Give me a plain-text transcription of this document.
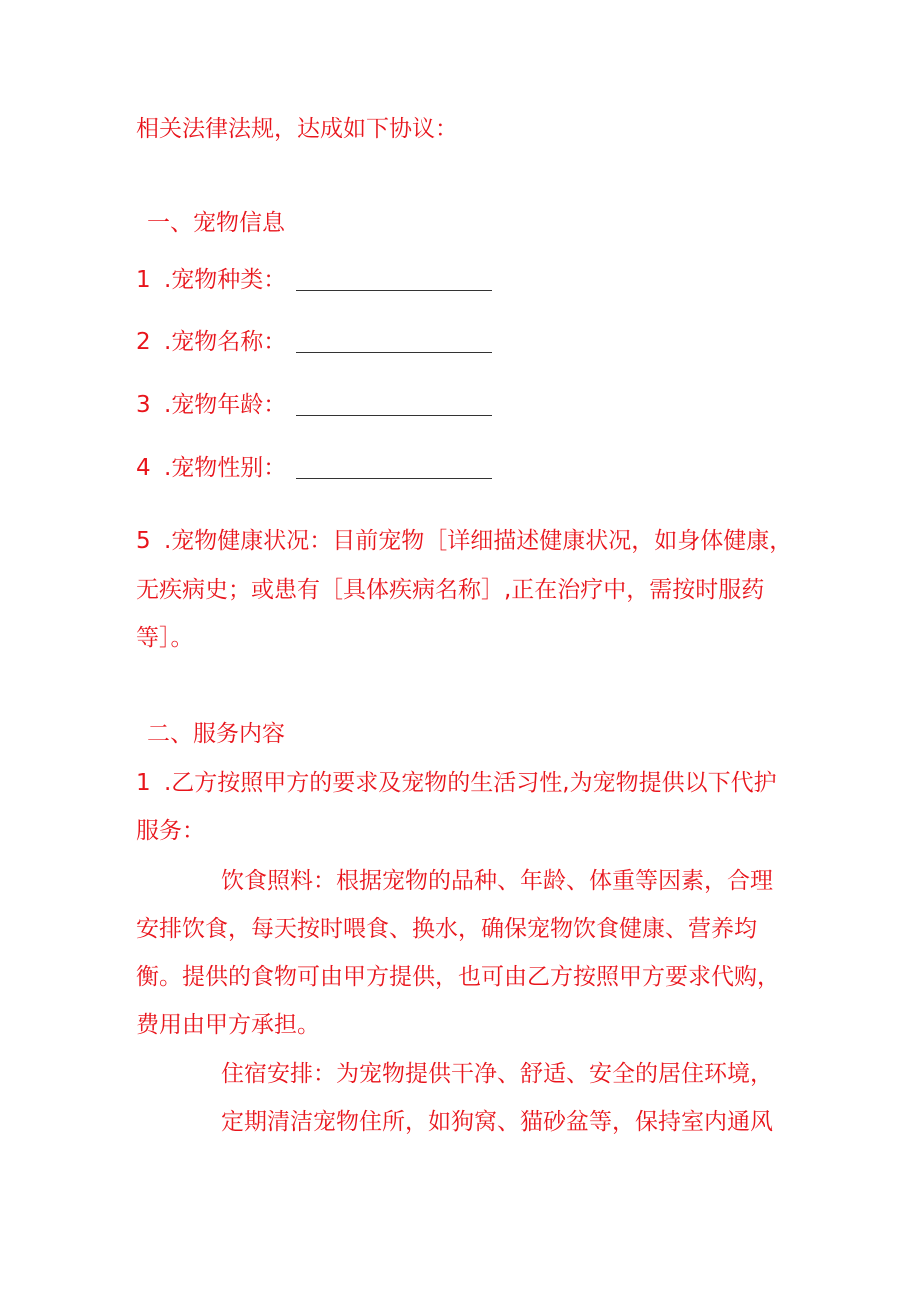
相关法律法规，达成如下协议：
一、宠物信息
1 .宠物种类：
2 .宠物名称：
3 .宠物年龄：
4 .宠物性别：
5 .宠物健康状况：目前宠物［详细描述健康状况，如身体健康，
无疾病史；或患有［具体疾病名称］,正在治疗中，需按时服药
等］。
二、服务内容
1 .乙方按照甲方的要求及宠物的生活习性,为宠物提供以下代护
服务：
饮食照料：根据宠物的品种、年龄、体重等因素，合理
安排饮食，每天按时喂食、换水，确保宠物饮食健康、营养均
衡。提供的食物可由甲方提供，也可由乙方按照甲方要求代购，
费用由甲方承担。
住宿安排：为宠物提供干净、舒适、安全的居住环境，
定期清洁宠物住所，如狗窝、猫砂盆等，保持室内通风
